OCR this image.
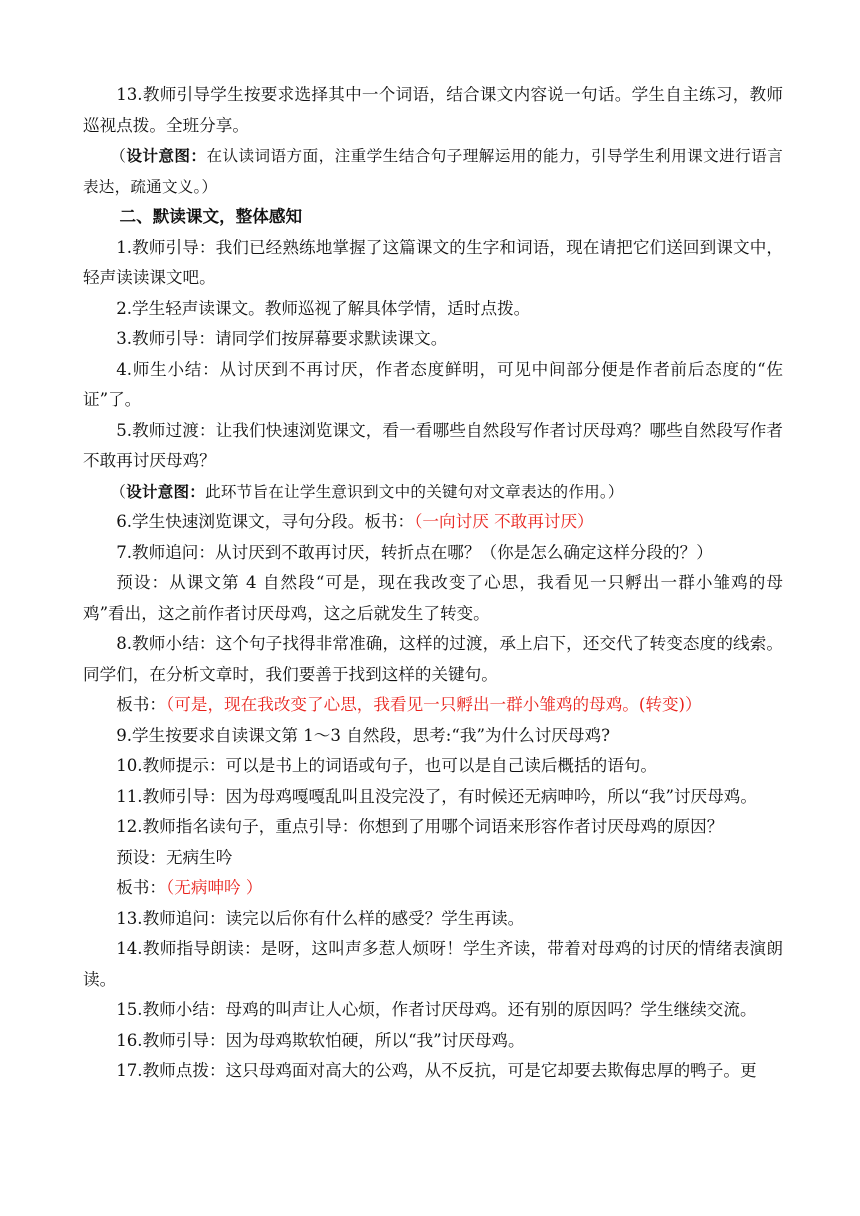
13.教师引导学生按要求选择其中一个词语，结合课文内容说一句话。学生自主练习，教师巡视点拨。全班分享。

（设计意图：在认读词语方面，注重学生结合句子理解运用的能力，引导学生利用课文进行语言表达，疏通文义。）

二、默读课文，整体感知

1.教师引导：我们已经熟练地掌握了这篇课文的生字和词语，现在请把它们送回到课文中，轻声读读课文吧。

2.学生轻声读课文。教师巡视了解具体学情，适时点拨。

3.教师引导：请同学们按屏幕要求默读课文。

4.师生小结：从讨厌到不再讨厌，作者态度鲜明，可见中间部分便是作者前后态度的“佐证”了。

5.教师过渡：让我们快速浏览课文，看一看哪些自然段写作者讨厌母鸡？哪些自然段写作者不敢再讨厌母鸡？

（设计意图：此环节旨在让学生意识到文中的关键句对文章表达的作用。）

6.学生快速浏览课文，寻句分段。板书：（一向讨厌 不敢再讨厌）

7.教师追问：从讨厌到不敢再讨厌，转折点在哪？（你是怎么确定这样分段的？）

预设：从课文第 4 自然段“可是，现在我改变了心思，我看见一只孵出一群小雏鸡的母鸡”看出，这之前作者讨厌母鸡，这之后就发生了转变。

8.教师小结：这个句子找得非常准确，这样的过渡，承上启下，还交代了转变态度的线索。同学们，在分析文章时，我们要善于找到这样的关键句。

板书：（可是，现在我改变了心思，我看见一只孵出一群小雏鸡的母鸡。(转变)）

9.学生按要求自读课文第 1～3 自然段，思考:“我”为什么讨厌母鸡?

10.教师提示：可以是书上的词语或句子，也可以是自己读后概括的语句。

11.教师引导：因为母鸡嘎嘎乱叫且没完没了，有时候还无病呻吟，所以“我”讨厌母鸡。

12.教师指名读句子，重点引导：你想到了用哪个词语来形容作者讨厌母鸡的原因？

预设：无病生吟

板书：（无病呻吟 ）

13.教师追问：读完以后你有什么样的感受？学生再读。

14.教师指导朗读：是呀，这叫声多惹人烦呀！学生齐读，带着对母鸡的讨厌的情绪表演朗读。

15.教师小结：母鸡的叫声让人心烦，作者讨厌母鸡。还有别的原因吗？学生继续交流。

16.教师引导：因为母鸡欺软怕硬，所以“我”讨厌母鸡。

17.教师点拨：这只母鸡面对高大的公鸡，从不反抗，可是它却要去欺侮忠厚的鸭子。更
